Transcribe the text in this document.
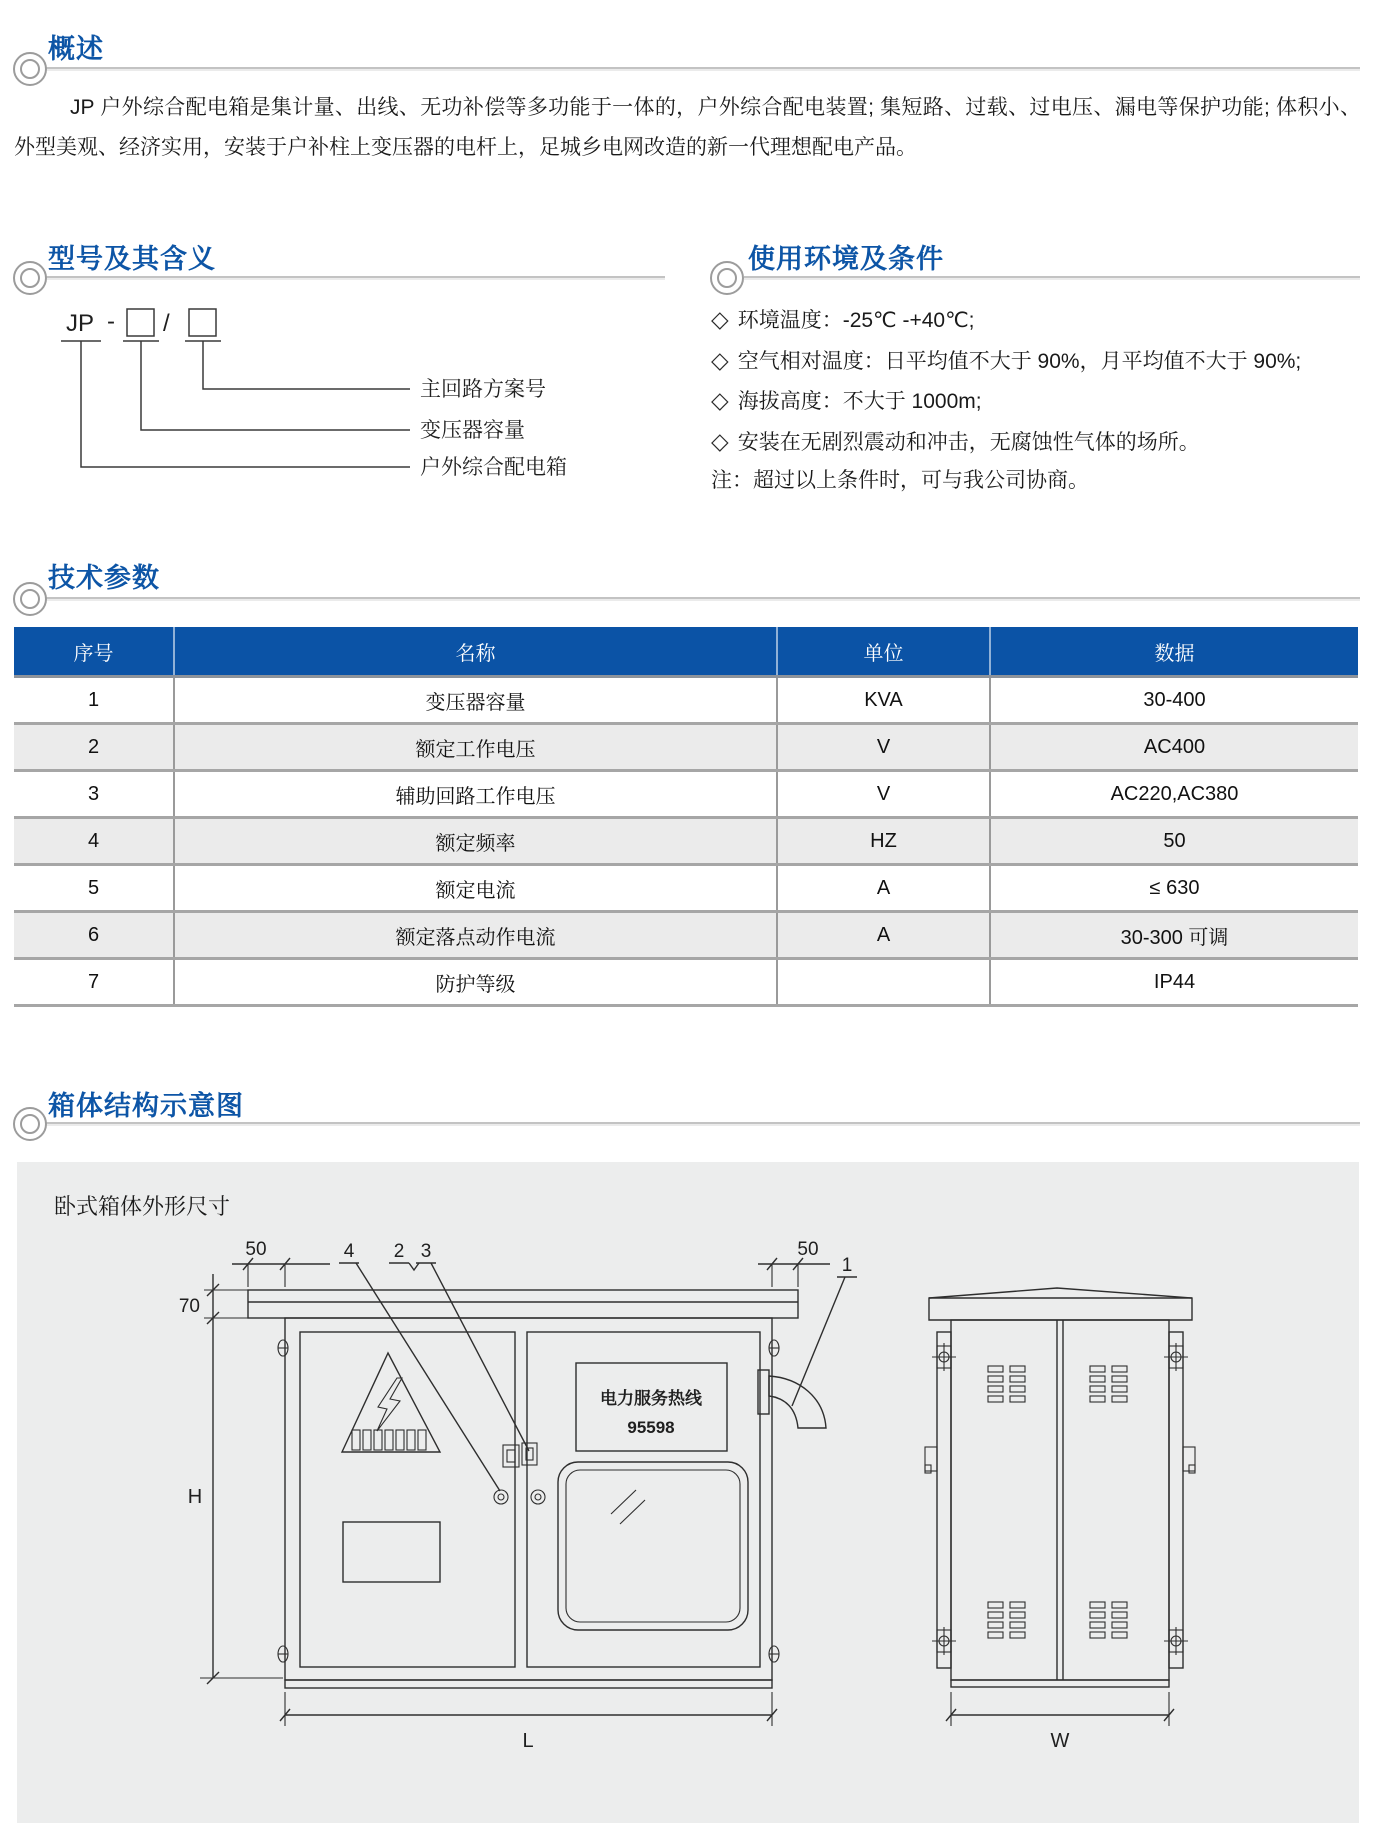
概述
JP 户外综合配电箱是集计量、出线、无功补偿等多功能于一体的，户外综合配电装置; 集短路、过载、过电压、漏电等保护功能; 体积小、外型美观、经济实用，安装于户补柱上变压器的电杆上，足城乡电网改造的新一代理想配电产品。
型号及其含义	使用环境及条件
JP - /
主回路方案号
变压器容量
户外综合配电箱
◇ 环境温度：-25℃ -+40℃;
◇ 空气相对温度：日平均值不大于 90%，月平均值不大于 90%;
◇ 海拔高度：不大于 1000m;
◇ 安装在无剧烈震动和冲击，无腐蚀性气体的场所。
注：超过以上条件时，可与我公司协商。
技术参数
序号	名称	单位	数据
1	变压器容量	KVA	30-400
2	额定工作电压	V	AC400
3	辅助回路工作电压	V	AC220,AC380
4	额定频率	HZ	50
5	额定电流	A	≤ 630
6	额定落点动作电流	A	30-300 可调
7	防护等级		IP44
箱体结构示意图
卧式箱体外形尺寸
电力服务热线
95598
4 2 3
1
50	50
70
H
L	W
